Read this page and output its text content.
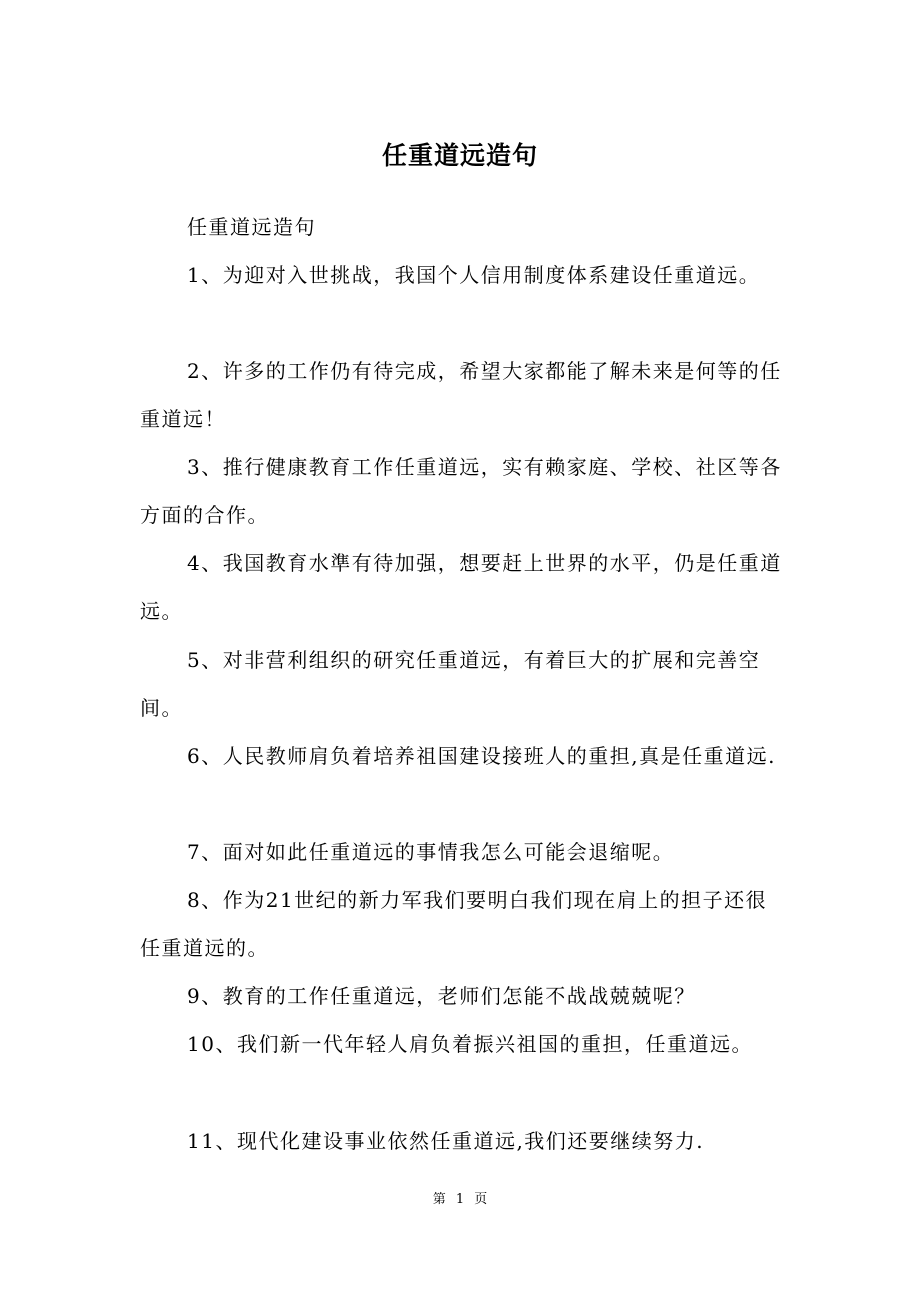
任重道远造句
任重道远造句
1、为迎对入世挑战，我国个人信用制度体系建设任重道远。
2、许多的工作仍有待完成，希望大家都能了解未来是何等的任重道远！
3、推行健康教育工作任重道远，实有赖家庭、学校、社区等各方面的合作。
4、我国教育水準有待加强，想要赶上世界的水平，仍是任重道远。
5、对非营利组织的研究任重道远，有着巨大的扩展和完善空间。
6、人民教师肩负着培养祖国建设接班人的重担,真是任重道远.
7、面对如此任重道远的事情我怎么可能会退缩呢。
8、作为21世纪的新力军我们要明白我们现在肩上的担子还很任重道远的。
9、教育的工作任重道远，老师们怎能不战战兢兢呢？
10、我们新一代年轻人肩负着振兴祖国的重担，任重道远。
11、现代化建设事业依然任重道远,我们还要继续努力.
第 1 页
